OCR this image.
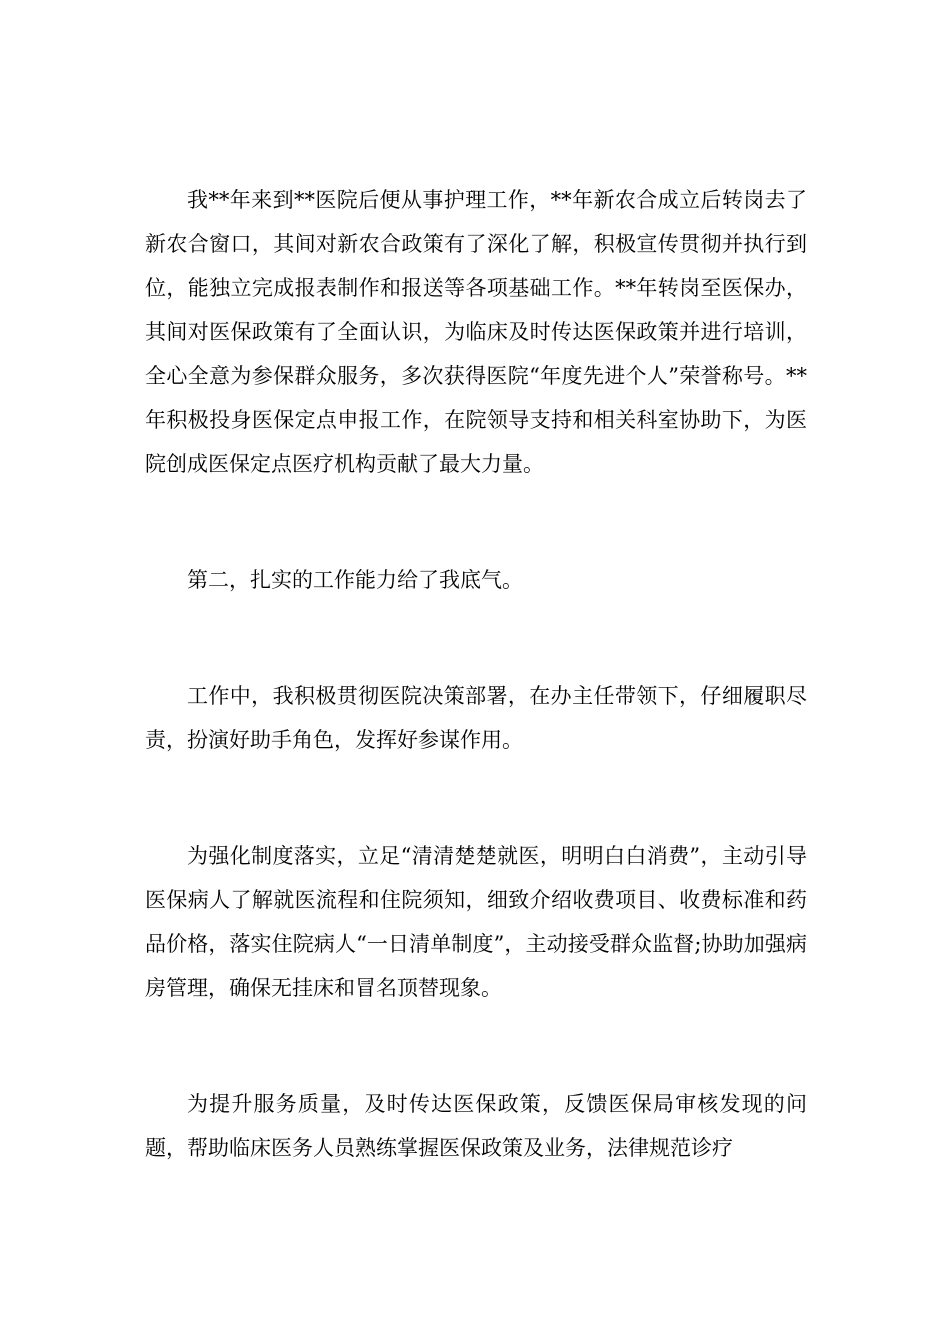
我**年来到**医院后便从事护理工作，**年新农合成立后转岗去了新农合窗口，其间对新农合政策有了深化了解，积极宣传贯彻并执行到位，能独立完成报表制作和报送等各项基础工作。**年转岗至医保办，其间对医保政策有了全面认识，为临床及时传达医保政策并进行培训，全心全意为参保群众服务，多次获得医院“年度先进个人”荣誉称号。**年积极投身医保定点申报工作，在院领导支持和相关科室协助下，为医院创成医保定点医疗机构贡献了最大力量。

第二，扎实的工作能力给了我底气。

工作中，我积极贯彻医院决策部署，在办主任带领下，仔细履职尽责，扮演好助手角色，发挥好参谋作用。

为强化制度落实，立足“清清楚楚就医，明明白白消费”，主动引导医保病人了解就医流程和住院须知，细致介绍收费项目、收费标准和药品价格，落实住院病人“一日清单制度”，主动接受群众监督;协助加强病房管理，确保无挂床和冒名顶替现象。

为提升服务质量，及时传达医保政策，反馈医保局审核发现的问题，帮助临床医务人员熟练掌握医保政策及业务，法律规范诊疗
